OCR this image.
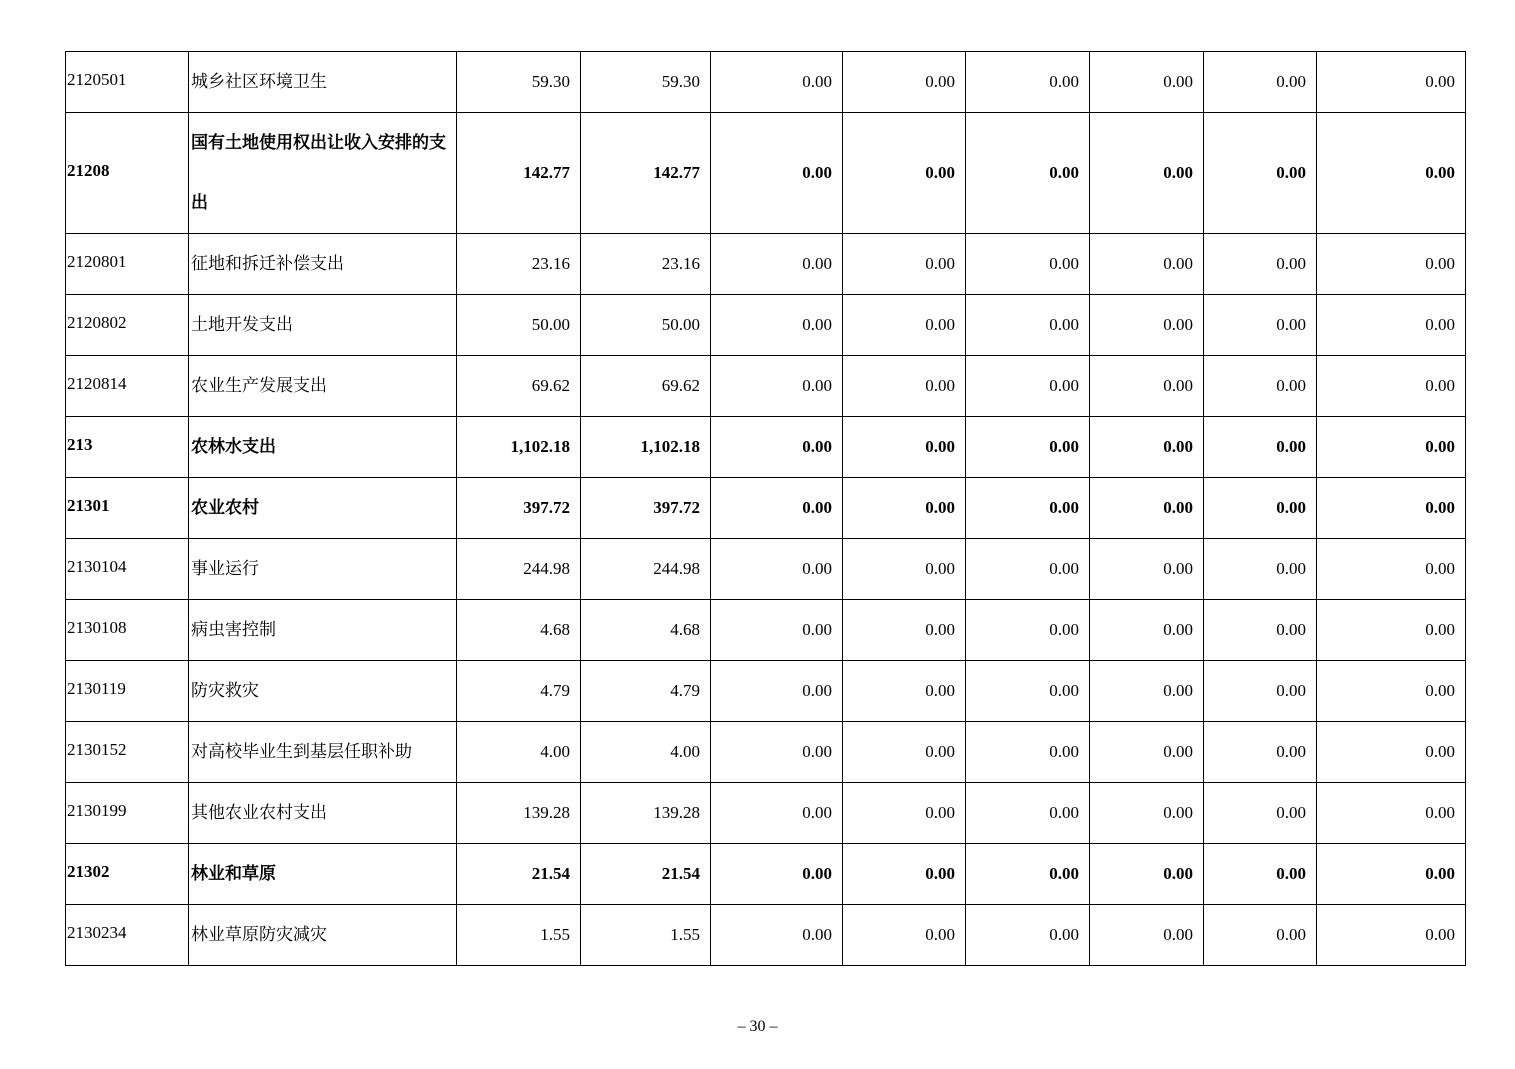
2120501	城乡社区环境卫生	59.30	59.30	0.00	0.00	0.00	0.00	0.00	0.00
21208	国有土地使用权出让收入安排的支出	142.77	142.77	0.00	0.00	0.00	0.00	0.00	0.00
2120801	征地和拆迁补偿支出	23.16	23.16	0.00	0.00	0.00	0.00	0.00	0.00
2120802	土地开发支出	50.00	50.00	0.00	0.00	0.00	0.00	0.00	0.00
2120814	农业生产发展支出	69.62	69.62	0.00	0.00	0.00	0.00	0.00	0.00
213	农林水支出	1,102.18	1,102.18	0.00	0.00	0.00	0.00	0.00	0.00
21301	农业农村	397.72	397.72	0.00	0.00	0.00	0.00	0.00	0.00
2130104	事业运行	244.98	244.98	0.00	0.00	0.00	0.00	0.00	0.00
2130108	病虫害控制	4.68	4.68	0.00	0.00	0.00	0.00	0.00	0.00
2130119	防灾救灾	4.79	4.79	0.00	0.00	0.00	0.00	0.00	0.00
2130152	对高校毕业生到基层任职补助	4.00	4.00	0.00	0.00	0.00	0.00	0.00	0.00
2130199	其他农业农村支出	139.28	139.28	0.00	0.00	0.00	0.00	0.00	0.00
21302	林业和草原	21.54	21.54	0.00	0.00	0.00	0.00	0.00	0.00
2130234	林业草原防灾减灾	1.55	1.55	0.00	0.00	0.00	0.00	0.00	0.00
– 30 –
